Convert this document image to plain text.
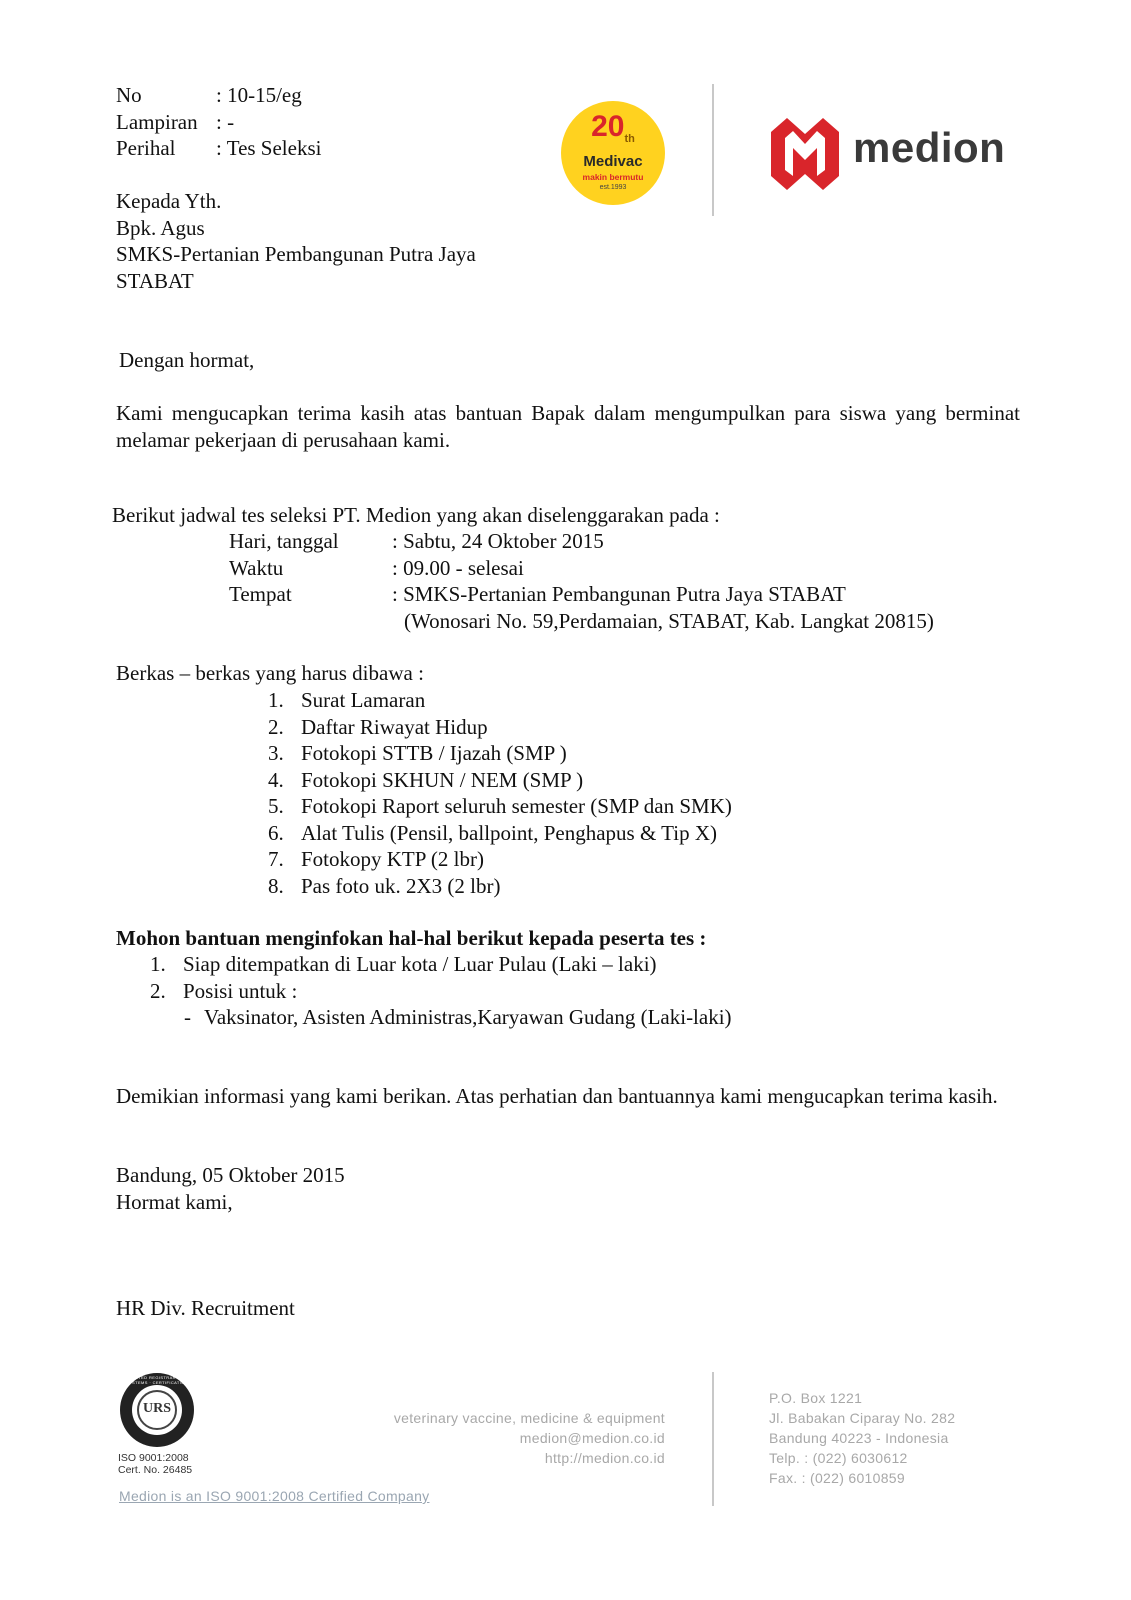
No	: 10-15/eg
Lampiran : -
Perihal : Tes Seleksi
$20_{th}$
Medivac
makin bermutu
est.1993
medion
Kepada Yth.
Bpk. Agus
SMKS-Pertanian Pembangunan Putra Jaya
STABAT
Dengan hormat,
Kami mengucapkan terima kasih atas bantuan Bapak dalam mengumpulkan para siswa yang berminat melamar pekerjaan di perusahaan kami.
Berikut jadwal tes seleksi PT. Medion yang akan diselenggarakan pada :
Hari, tanggal	: Sabtu, 24 Oktober 2015
Waktu	: 09.00 - selesai
Tempat	: SMKS-Pertanian Pembangunan Putra Jaya STABAT
(Wonosari No. 59,Perdamaian, STABAT, Kab. Langkat 20815)
Berkas – berkas yang harus dibawa :
1. Surat Lamaran
2. Daftar Riwayat Hidup
3. Fotokopi STTB / Ijazah (SMP )
4. Fotokopi SKHUN / NEM (SMP )
5. Fotokopi Raport seluruh semester (SMP dan SMK)
6. Alat Tulis (Pensil, ballpoint, Penghapus & Tip X)
7. Fotokopy KTP (2 lbr)
8. Pas foto uk. 2X3 (2 lbr)
Mohon bantuan menginfokan hal-hal berikut kepada peserta tes :
1. Siap ditempatkan di Luar kota / Luar Pulau (Laki – laki)
2. Posisi untuk :
- Vaksinator, Asisten Administras,Karyawan Gudang (Laki-laki)
Demikian informasi yang kami berikan. Atas perhatian dan bantuannya kami mengucapkan terima kasih.
Bandung, 05 Oktober 2015
Hormat kami,
HR Div. Recruitment
URS
UNITED REGISTRAR OF SYSTEMS · CERTIFICATION
ISO 9001:2008
Cert. No. 26485
Medion is an ISO 9001:2008 Certified Company
veterinary vaccine, medicine & equipment
medion@medion.co.id
http://medion.co.id
P.O. Box 1221
Jl. Babakan Ciparay No. 282
Bandung 40223 - Indonesia
Telp. : (022) 6030612
Fax. : (022) 6010859
